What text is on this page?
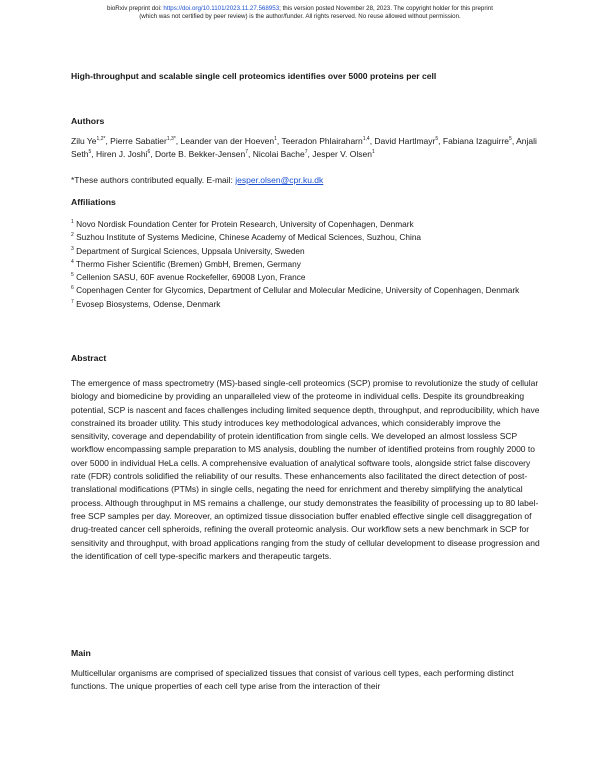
bioRxiv preprint doi: https://doi.org/10.1101/2023.11.27.568953; this version posted November 28, 2023. The copyright holder for this preprint
(which was not certified by peer review) is the author/funder. All rights reserved. No reuse allowed without permission.
High-throughput and scalable single cell proteomics identifies over 5000 proteins per cell
Authors
Zilu $Ye^{1,2*}$, Pierre Sabatier$^{1,3*}$, Leander van der Hoeven$^1$, Teeradon Phlairaharn$^{1,4}$, David Hartlmayr$^5$, Fabiana Izaguirre$^5$, Anjali Seth$^5$, Hiren J. Joshi$^6$, Dorte B. Bekker-Jensen$^7$, Nicolai Bache$^7$, Jesper V. Olsen$^1$
*These authors contributed equally. E-mail: jesper.olsen@cpr.ku.dk
Affiliations
$^1$ Novo Nordisk Foundation Center for Protein Research, University of Copenhagen, Denmark
$^2$ Suzhou Institute of Systems Medicine, Chinese Academy of Medical Sciences, Suzhou, China
$^3$ Department of Surgical Sciences, Uppsala University, Sweden
$^4$ Thermo Fisher Scientific (Bremen) GmbH, Bremen, Germany
$^5$ Cellenion SASU, 60F avenue Rockefeller, 69008 Lyon, France
$^6$ Copenhagen Center for Glycomics, Department of Cellular and Molecular Medicine, University of Copenhagen, Denmark
$^7$ Evosep Biosystems, Odense, Denmark
Abstract
The emergence of mass spectrometry (MS)-based single-cell proteomics (SCP) promise to revolutionize the study of cellular biology and biomedicine by providing an unparalleled view of the proteome in individual cells. Despite its groundbreaking potential, SCP is nascent and faces challenges including limited sequence depth, throughput, and reproducibility, which have constrained its broader utility. This study introduces key methodological advances, which considerably improve the sensitivity, coverage and dependability of protein identification from single cells. We developed an almost lossless SCP workflow encompassing sample preparation to MS analysis, doubling the number of identified proteins from roughly 2000 to over 5000 in individual HeLa cells. A comprehensive evaluation of analytical software tools, alongside strict false discovery rate (FDR) controls solidified the reliability of our results. These enhancements also facilitated the direct detection of post-translational modifications (PTMs) in single cells, negating the need for enrichment and thereby simplifying the analytical process. Although throughput in MS remains a challenge, our study demonstrates the feasibility of processing up to 80 label-free SCP samples per day. Moreover, an optimized tissue dissociation buffer enabled effective single cell disaggregation of drug-treated cancer cell spheroids, refining the overall proteomic analysis. Our workflow sets a new benchmark in SCP for sensitivity and throughput, with broad applications ranging from the study of cellular development to disease progression and the identification of cell type-specific markers and therapeutic targets.
Main
Multicellular organisms are comprised of specialized tissues that consist of various cell types, each performing distinct functions. The unique properties of each cell type arise from the interaction of their
